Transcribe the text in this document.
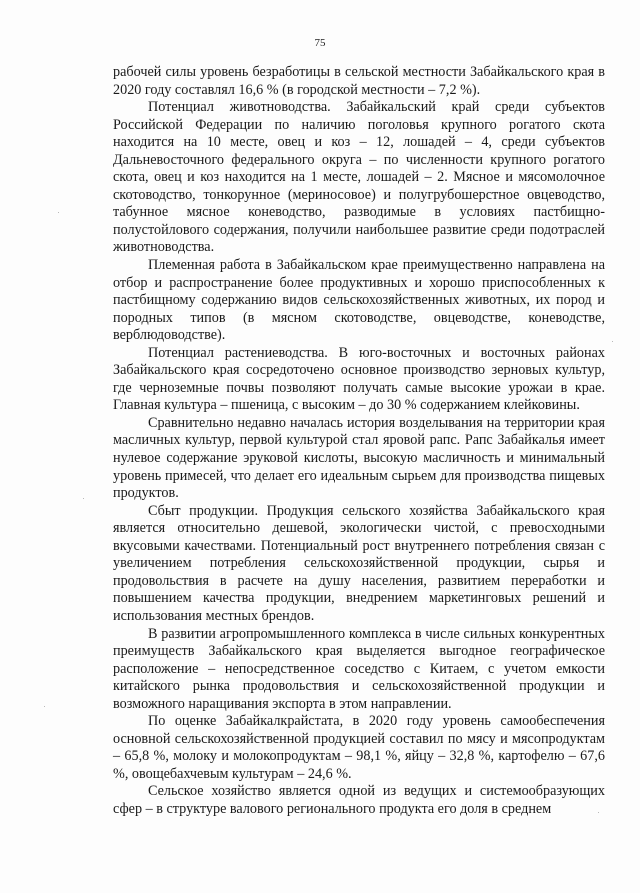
75

рабочей силы уровень безработицы в сельской местности Забайкальского края в 2020 году составлял 16,6 % (в городской местности – 7,2 %).

Потенциал животноводства. Забайкальский край среди субъектов Российской Федерации по наличию поголовья крупного рогатого скота находится на 10 месте, овец и коз – 12, лошадей – 4, среди субъектов Дальневосточного федерального округа – по численности крупного рогатого скота, овец и коз находится на 1 месте, лошадей – 2. Мясное и мясомолочное скотоводство, тонкорунное (мериносовое) и полугрубошерстное овцеводство, табунное мясное коневодство, разводимые в условиях пастбищно-полустойлового содержания, получили наибольшее развитие среди подотраслей животноводства.

Племенная работа в Забайкальском крае преимущественно направлена на отбор и распространение более продуктивных и хорошо приспособленных к пастбищному содержанию видов сельскохозяйственных животных, их пород и породных типов (в мясном скотоводстве, овцеводстве, коневодстве, верблюдоводстве).

Потенциал растениеводства. В юго-восточных и восточных районах Забайкальского края сосредоточено основное производство зерновых культур, где черноземные почвы позволяют получать самые высокие урожаи в крае. Главная культура – пшеница, с высоким – до 30 % содержанием клейковины.

Сравнительно недавно началась история возделывания на территории края масличных культур, первой культурой стал яровой рапс. Рапс Забайкалья имеет нулевое содержание эруковой кислоты, высокую масличность и минимальный уровень примесей, что делает его идеальным сырьем для производства пищевых продуктов.

Сбыт продукции. Продукция сельского хозяйства Забайкальского края является относительно дешевой, экологически чистой, с превосходными вкусовыми качествами. Потенциальный рост внутреннего потребления связан с увеличением потребления сельскохозяйственной продукции, сырья и продовольствия в расчете на душу населения, развитием переработки и повышением качества продукции, внедрением маркетинговых решений и использования местных брендов.

В развитии агропромышленного комплекса в числе сильных конкурентных преимуществ Забайкальского края выделяется выгодное географическое расположение – непосредственное соседство с Китаем, с учетом емкости китайского рынка продовольствия и сельскохозяйственной продукции и возможного наращивания экспорта в этом направлении.

По оценке Забайкалкрайстата, в 2020 году уровень самообеспечения основной сельскохозяйственной продукцией составил по мясу и мясопродуктам – 65,8 %, молоку и молокопродуктам – 98,1 %, яйцу – 32,8 %, картофелю – 67,6 %, овощебахчевым культурам – 24,6 %.

Сельское хозяйство является одной из ведущих и системообразующих сфер – в структуре валового регионального продукта его доля в среднем
